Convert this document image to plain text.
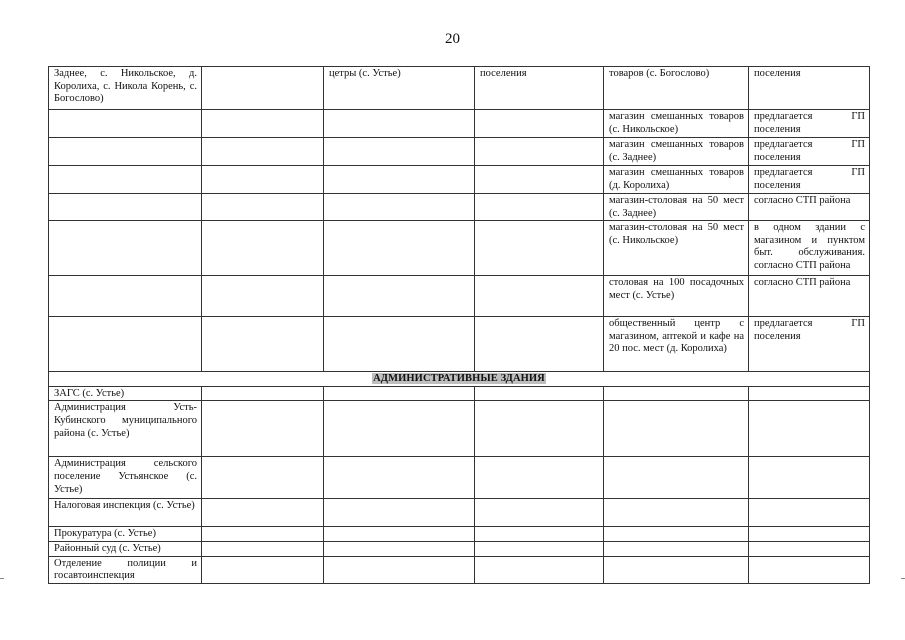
20
Заднее, с. Никольское, д. Королиха, с. Никола Корень, с. Богослово)		цетры (с. Устье)	поселения	товаров (с. Богослово)	поселения
				магазин смешанных товаров (с. Никольское)	предлагается ГП поселения
				магазин смешанных товаров (с. Заднее)	предлагается ГП поселения
				магазин смешанных товаров (д. Королиха)	предлагается ГП поселения
				магазин-столовая на 50 мест (с. Заднее)	согласно СТП района
				магазин-столовая на 50 мест (с. Никольское)	в одном здании с магазином и пунктом быт. обслуживания. согласно СТП района
				столовая на 100 посадочных мест (с. Устье)	согласно СТП района
				общественный центр с магазином, аптекой и кафе на 20 пос. мест (д. Королиха)	предлагается ГП поселения
АДМИНИСТРАТИВНЫЕ ЗДАНИЯ					
ЗАГС (с. Устье)					
Администрация Усть-Кубинского муниципального района (с. Устье)					
Администрация сельского поселение Устьянское (с. Устье)					
Налоговая инспекция (с. Устье)					
Прокуратура (с. Устье)					
Районный суд (с. Устье)					
Отделение полиции и госавтоинспекция					
